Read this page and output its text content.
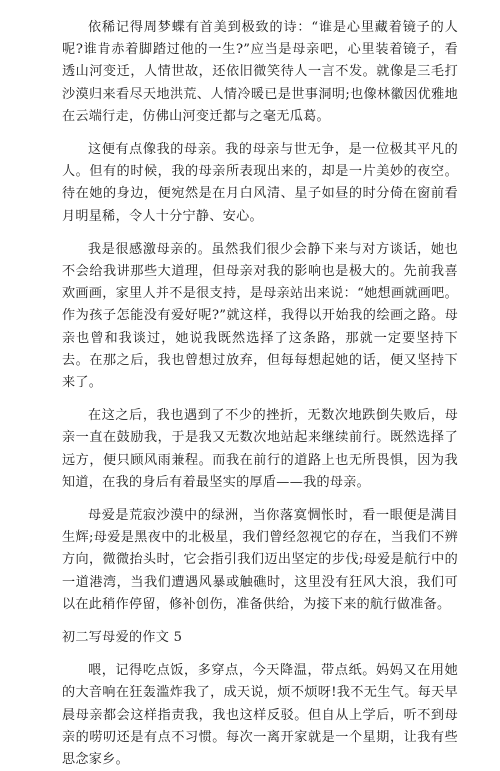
依稀记得周梦蝶有首美到极致的诗：“谁是心里藏着镜子的人呢?谁肯赤着脚踏过他的一生?”应当是母亲吧，心里装着镜子，看透山河变迁，人情世故，还依旧微笑待人一言不发。就像是三毛打沙漠归来看尽天地洪荒、人情冷暖已是世事洞明;也像林徽因优雅地在云端行走，仿佛山河变迁都与之毫无瓜葛。

这便有点像我的母亲。我的母亲与世无争，是一位极其平凡的人。但有的时候，我的母亲所表现出来的，却是一片美妙的夜空。待在她的身边，便宛然是在月白风清、星子如昼的时分倚在窗前看月明星稀，令人十分宁静、安心。

我是很感激母亲的。虽然我们很少会静下来与对方谈话，她也不会给我讲那些大道理，但母亲对我的影响也是极大的。先前我喜欢画画，家里人并不是很支持，是母亲站出来说：“她想画就画吧。作为孩子怎能没有爱好呢?”就这样，我得以开始我的绘画之路。母亲也曾和我谈过，她说我既然选择了这条路，那就一定要坚持下去。在那之后，我也曾想过放弃，但每每想起她的话，便又坚持下来了。

在这之后，我也遇到了不少的挫折，无数次地跌倒失败后，母亲一直在鼓励我，于是我又无数次地站起来继续前行。既然选择了远方，便只顾风雨兼程。而我在前行的道路上也无所畏惧，因为我知道，在我的身后有着最坚实的厚盾——我的母亲。

母爱是荒寂沙漠中的绿洲，当你落寞惆怅时，看一眼便是满目生辉;母爱是黑夜中的北极星，我们曾经忽视它的存在，当我们不辨方向，微微抬头时，它会指引我们迈出坚定的步伐;母爱是航行中的一道港湾，当我们遭遇风暴或触礁时，这里没有狂风大浪，我们可以在此稍作停留，修补创伤，准备供给，为接下来的航行做准备。

初二写母爱的作文 5

喂，记得吃点饭，多穿点，今天降温，带点纸。妈妈又在用她的大音响在狂轰滥炸我了，成天说，烦不烦呀!我不无生气。每天早晨母亲都会这样指责我，我也这样反驳。但自从上学后，听不到母亲的唠叨还是有点不习惯。每次一离开家就是一个星期，让我有些思念家乡。
